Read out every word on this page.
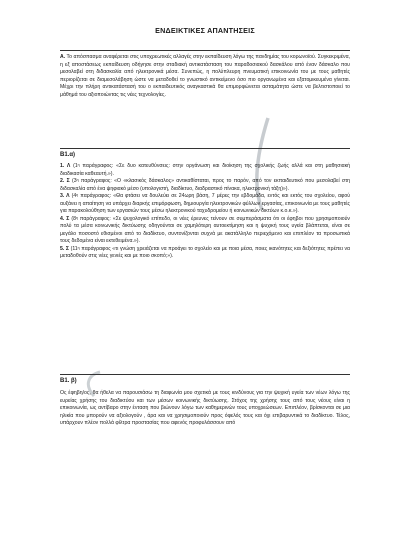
ΕΝΔΕΙΚΤΙΚΕΣ ΑΠΑΝΤΗΣΕΙΣ
Α. Το απόσπασμα αναφέρεται στις υποχρεωτικές αλλαγές στην εκπαίδευση λόγω της πανδημίας του κορωνοϊού. Συγκεκριμένα, η εξ αποστάσεως εκπαίδευση οδήγησε στην σταδιακή αντικατάσταση του παραδοσιακού δασκάλου από έναν δάσκαλο που μεσολαβεί στη διδασκαλία από ηλεκτρονικά μέσα. Συνεπώς, η πολύπλευρη πνευματική επικοινωνία του με τους μαθητές περιορίζεται σε διαμεσολάβηση ώστε να μεταδοθεί το γνωστικό αντικείμενο όσο πιο οργανωμένα και εξατομικευμένα γίνεται. Μέχρι την πλήρη αντικατάστασή του ο εκπαιδευτικός αναγκαστικά θα επιμορφώνεται ασταμάτητα ώστε να βελτιστοποιεί το μάθημά του αξιοποιώντας τις νέες τεχνολογίες.
Β1.α)

1. Λ ($1^\eta$ παράγραφος: «Σε δυο κατευθύνσεις: στην οργάνωση και διοίκηση της σχολικής ζωής αλλά και στη μαθησιακή διαδικασία καθεαυτή.»).

2. Σ ($3^\eta$ παράγραφος: «Ο «κλασικός δάσκαλος» αντικαθίσταται, προς το παρόν, από τον εκπαιδευτικό που μεσολαβεί στη διδασκαλία από ένα ψηφιακό μέσο (υπολογιστή, διαδίκτυο, διαδραστικό πίνακα, ηλεκτρονική τάξη)»).

3. Λ ($4^\eta$ παράγραφος: «Θα φτάσει να δουλεύει σε 24ωρη βάση, 7 μέρες την εβδομάδα, εντός και εκτός του σχολείου, αφού αυξάνει η απαίτηση να υπάρχει διαρκής επιμόρφωση, δημιουργία ηλεκτρονικών φύλλων εργασίας, επικοινωνία με τους μαθητές για παρακολούθηση των εργασιών τους μέσω ηλεκτρονικού ταχυδρομείου ή κοινωνικών δικτύων κ.ο.κ.»).

4. Σ ($8^\eta$ παράγραφος: «Σε ψυχολογικό επίπεδο, οι νέες έρευνες τείνουν σε συμπεράσματα ότι οι έφηβοι που χρησιμοποιούν πολύ τα μέσα κοινωνικής δικτύωσης οδηγούνται σε χαμηλότερη αυτοεκτίμηση και η ψυχική τους υγεία βλάπτεται, είναι σε μεγάλο ποσοστό εθισμένοι από το διαδίκτυο, συντονίζονται συχνά με ακατάλληλο περιεχόμενο και επιπλέον τα προσωπικά τους δεδομένα είναι εκτεθειμένα.»).

5. Σ ($11^\eta$ παράγραφος «τι γνώση χρειάζεται να προάγει το σχολείο και με ποια μέσα, ποιες ικανότητες και δεξιότητες πρέπει να μεταδοθούν στις νέες γενιές και με ποιο σκοπό;»).

Β1. β)
Ος έφηβη/ος, θα ήθελα να παρουσιάσω τη διαφωνία μου σχετικά με τους κινδύνους για την ψυχική υγεία των νέων λόγω της ευρείας χρήσης του διαδικτύου και των μέσων κοινωνικής δικτύωσης. Στόχος της χρήσης τους από τους νέους είναι η επικοινωνία, ως αντίβαρο στην ένταση που βιώνουν λόγω των καθημερινών τους υποχρεώσεων. Επιπλέον, βρίσκονται σε μια ηλικία που μπορούν να αξιολογούν , άρα και να χρησιμοποιούν προς όφελός τους και όχι επιβαρυντικά το διαδίκτυο. Τέλος, υπάρχουν πλέον πολλά φίλτρα προστασίας που αφενός προφυλάσσουν από
